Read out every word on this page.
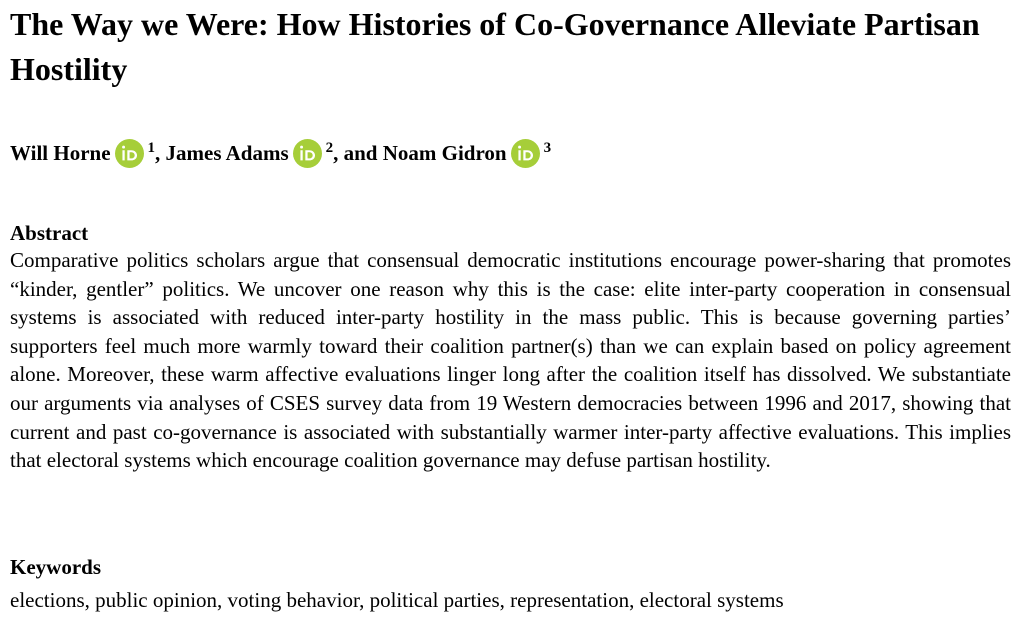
The Way we Were: How Histories of Co-Governance Alleviate Partisan Hostility

Will Horne $^1$, James Adams $^2$, and Noam Gidron $^3$

Abstract

Comparative politics scholars argue that consensual democratic institutions encourage power-sharing that promotes “kinder, gentler” politics. We uncover one reason why this is the case: elite inter-party cooperation in consensual systems is associated with reduced inter-party hostility in the mass public. This is because governing parties’ supporters feel much more warmly toward their coalition partner(s) than we can explain based on policy agreement alone. Moreover, these warm affective evaluations linger long after the coalition itself has dissolved. We substantiate our arguments via analyses of CSES survey data from 19 Western democracies between 1996 and 2017, showing that current and past co-governance is associated with substantially warmer inter-party affective evaluations. This implies that electoral systems which encourage coalition governance may defuse partisan hostility.

Keywords

elections, public opinion, voting behavior, political parties, representation, electoral systems
